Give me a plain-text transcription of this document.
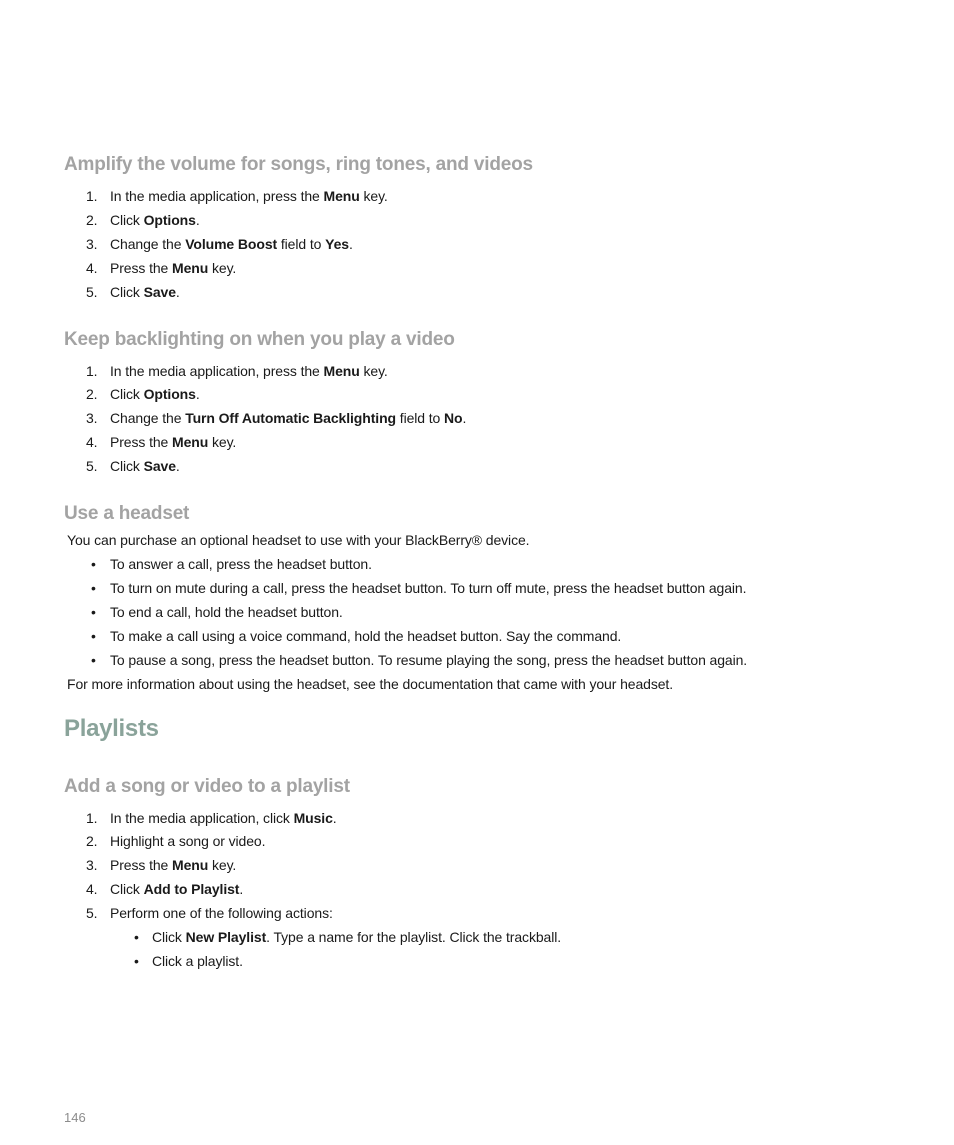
Amplify the volume for songs, ring tones, and videos
1. In the media application, press the Menu key.
2. Click Options.
3. Change the Volume Boost field to Yes.
4. Press the Menu key.
5. Click Save.
Keep backlighting on when you play a video
1. In the media application, press the Menu key.
2. Click Options.
3. Change the Turn Off Automatic Backlighting field to No.
4. Press the Menu key.
5. Click Save.
Use a headset
You can purchase an optional headset to use with your BlackBerry® device.
• To answer a call, press the headset button.
• To turn on mute during a call, press the headset button. To turn off mute, press the headset button again.
• To end a call, hold the headset button.
• To make a call using a voice command, hold the headset button. Say the command.
• To pause a song, press the headset button. To resume playing the song, press the headset button again.
For more information about using the headset, see the documentation that came with your headset.
Playlists
Add a song or video to a playlist
1. In the media application, click Music.
2. Highlight a song or video.
3. Press the Menu key.
4. Click Add to Playlist.
5. Perform one of the following actions:
• Click New Playlist. Type a name for the playlist. Click the trackball.
• Click a playlist.
146
